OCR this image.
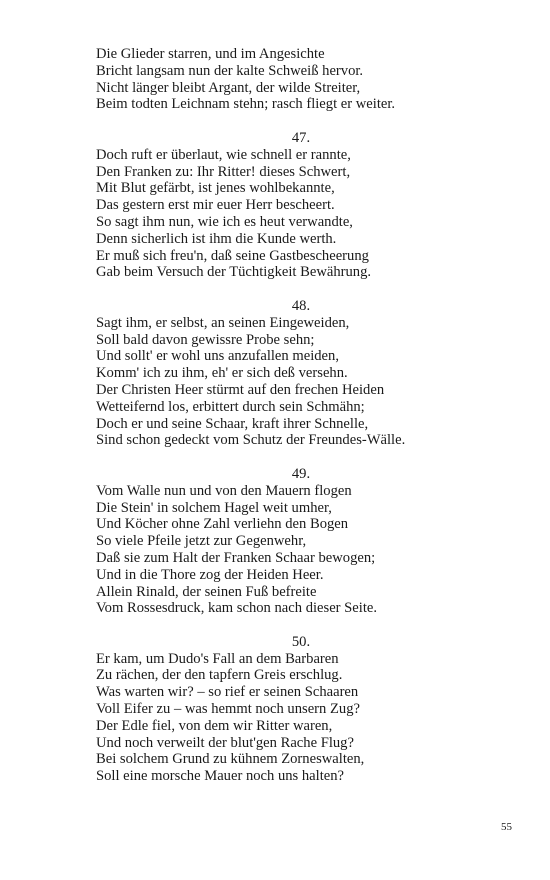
Die Glieder starren, und im Angesichte
Bricht langsam nun der kalte Schweiß hervor.
Nicht länger bleibt Argant, der wilde Streiter,
Beim todten Leichnam stehn; rasch fliegt er weiter.
47.
Doch ruft er überlaut, wie schnell er rannte,
Den Franken zu: Ihr Ritter! dieses Schwert,
Mit Blut gefärbt, ist jenes wohlbekannte,
Das gestern erst mir euer Herr bescheert.
So sagt ihm nun, wie ich es heut verwandte,
Denn sicherlich ist ihm die Kunde werth.
Er muß sich freu'n, daß seine Gastbescheerung
Gab beim Versuch der Tüchtigkeit Bewährung.
48.
Sagt ihm, er selbst, an seinen Eingeweiden,
Soll bald davon gewissre Probe sehn;
Und sollt' er wohl uns anzufallen meiden,
Komm' ich zu ihm, eh' er sich deß versehn.
Der Christen Heer stürmt auf den frechen Heiden
Wetteifernd los, erbittert durch sein Schmähn;
Doch er und seine Schaar, kraft ihrer Schnelle,
Sind schon gedeckt vom Schutz der Freundes-Wälle.
49.
Vom Walle nun und von den Mauern flogen
Die Stein' in solchem Hagel weit umher,
Und Köcher ohne Zahl verliehn den Bogen
So viele Pfeile jetzt zur Gegenwehr,
Daß sie zum Halt der Franken Schaar bewogen;
Und in die Thore zog der Heiden Heer.
Allein Rinald, der seinen Fuß befreite
Vom Rossesdruck, kam schon nach dieser Seite.
50.
Er kam, um Dudo's Fall an dem Barbaren
Zu rächen, der den tapfern Greis erschlug.
Was warten wir? – so rief er seinen Schaaren
Voll Eifer zu – was hemmt noch unsern Zug?
Der Edle fiel, von dem wir Ritter waren,
Und noch verweilt der blut'gen Rache Flug?
Bei solchem Grund zu kühnem Zorneswalten,
Soll eine morsche Mauer noch uns halten?
55
